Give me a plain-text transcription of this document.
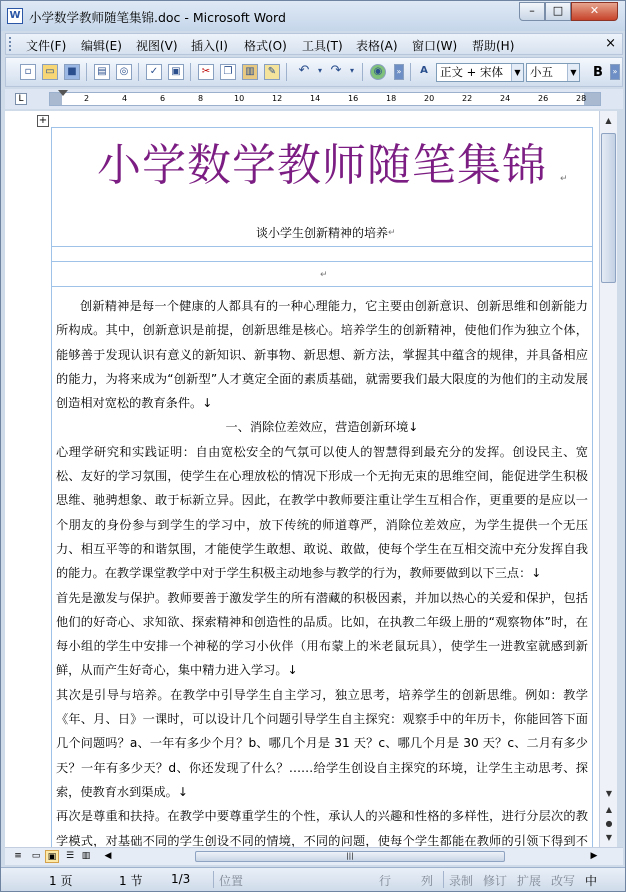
W 小学数学教师随笔集锦.doc - Microsoft Word	–	□	✕
文件(F) 编辑(E) 视图(V) 插入(I) 格式(O) 工具(T) 表格(A) 窗口(W) 帮助(H)	×
▫	▭	■	▤	◎	✓	▣	✂	❐	▥	✎ ↶	▾ ↷	▾	◉	»	A	正文 + 宋体	▼ 小五	▼	B	»
L	2	4	6	8	10	12	14	16	18	20	22	24	26	28
+
小学数学教师随笔集锦	↵
谈小学生创新精神的培养 ↵
↵

创新精神是每一个健康的人都具有的一种心理能力，它主要由创新意识、创新思维和创新能力所构成。其中，创新意识是前提，创新思维是核心。培养学生的创新精神，使他们作为独立个体，能够善于发现认识有意义的新知识、新事物、新思想、新方法，掌握其中蕴含的规律，并具备相应的能力，为将来成为“创新型”人才奠定全面的素质基础，就需要我们最大限度的为他们的主动发展创造相对宽松的教育条件。↓

一、消除位差效应，营造创新环境↓

心理学研究和实践证明：自由宽松安全的气氛可以使人的智慧得到最充分的发挥。创设民主、宽松、友好的学习氛围，使学生在心理放松的情况下形成一个无拘无束的思维空间，能促进学生积极思维、驰骋想象、敢于标新立异。因此，在教学中教师要注重让学生互相合作，更重要的是应以一个朋友的身份参与到学生的学习中，放下传统的师道尊严，消除位差效应，为学生提供一个无压力、相互平等的和谐氛围，才能使学生敢想、敢说、敢做，使每个学生在互相交流中充分发挥自我的能力。在教学课堂教学中对于学生积极主动地参与教学的行为，教师要做到以下三点：↓

首先是激发与保护。教师要善于激发学生的所有潜藏的积极因素，并加以热心的关爱和保护，包括他们的好奇心、求知欲、探索精神和创造性的品质。比如，在执教二年级上册的“观察物体”时，在每小组的学生中安排一个神秘的学习小伙伴（用布蒙上的米老鼠玩具），使学生一进教室就感到新鲜，从而产生好奇心，集中精力进入学习。↓

其次是引导与培养。在教学中引导学生自主学习，独立思考，培养学生的创新思维。例如：教学《年、月、日》一课时，可以设计几个问题引导学生自主探究：观察手中的年历卡，你能回答下面几个问题吗？a、一年有多少个月？b、哪几个月是 31 天？c、哪几个月是 30 天？c、二月有多少天？一年有多少天？d、你还发现了什么？……给学生创设自主探究的环境，让学生主动思考、探索，使教育水到渠成。↓

再次是尊重和扶持。在教学中要尊重学生的个性，承认人的兴趣和性格的多样性，进行分层次的教学模式，对基础不同的学生创设不同的情境，不同的问题，使每个学生都能在教师的引领下得到不

▲
▼
▲
●
▼
≡	▭ ▣	☰ ▥	◀	|||	▶
1 页	1 节 1/3 位置	行 列 录制 修订 扩展 改写 中
